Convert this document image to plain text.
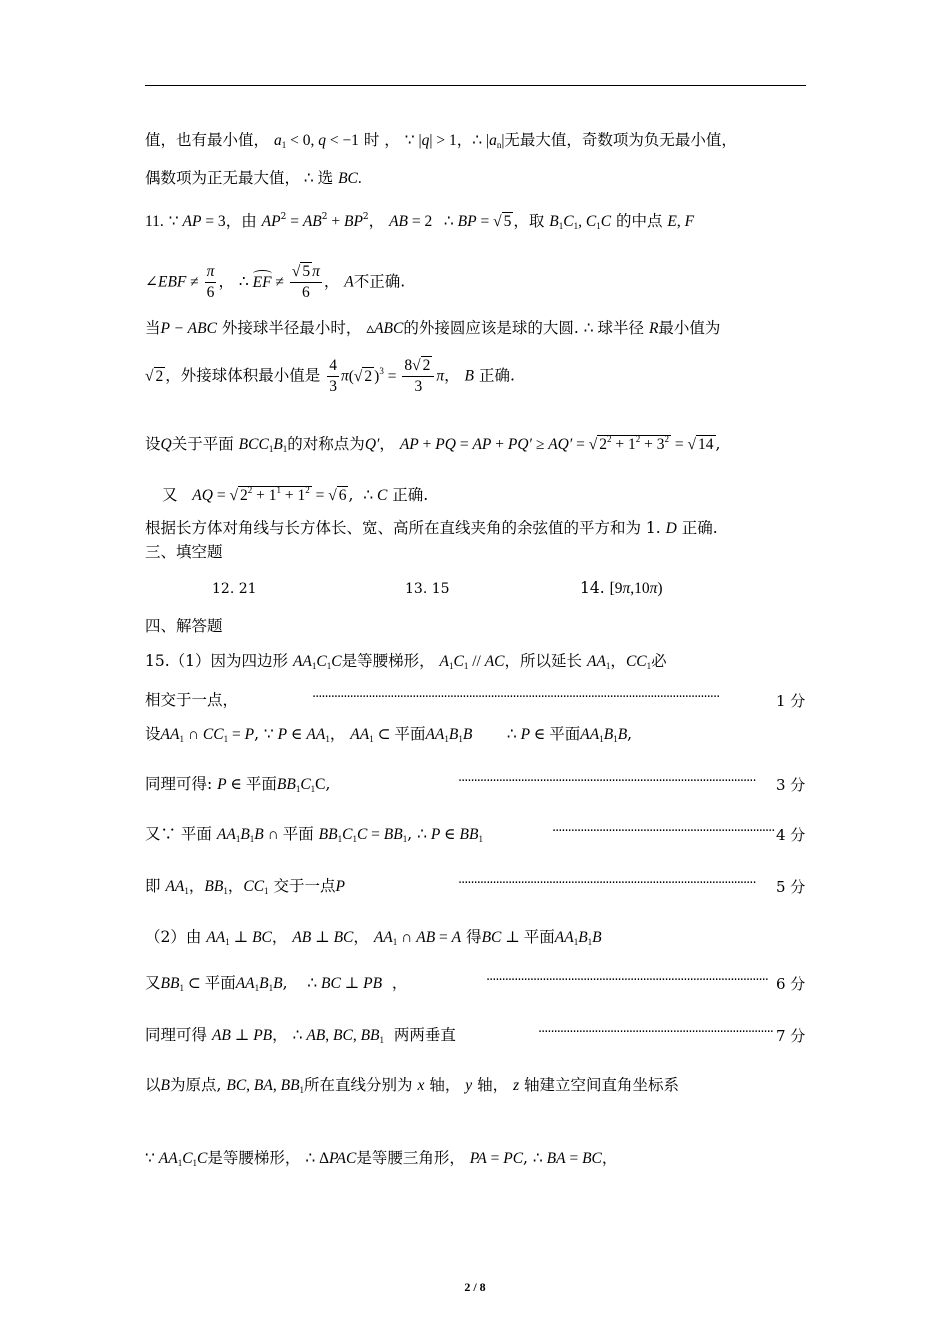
值，也有最小值， $a_1 < 0$, q < −1 时 ， ∵ |q| > 1，∴ $|a_n|$无最大值，奇数项为负无最小值，
偶数项为正无最大值， ∴ 选 BC.
11. ∵ AP = 3，由 $AP^2 = AB^2 + BP^2$， AB = 2   ∴ BP = √ 5 ，取 $B_1C_1$, $C_1C$ 的中点 E, F
∠EBF ≠ $\frac{\pi}{6}$ ， ∴ EF ≠ $\frac{√ 5 \pi}{6}$ ， A不正确.
当P − ABC 外接球半径最小时， ▵ABC的外接圆应该是球的大圆. ∴ 球半径 R最小值为
√ 2 ，外接球体积最小值是 $\frac{4}{3} \pi(√$ 2 )$^3 = \frac{8√ 2}{3}$ π， B 正确.
设Q关于平面 $BCC_1B_1$的对称点为Q′， AP + PQ = AP + PQ′ ≥ AQ′ = √ $2^2 + 1^2 + 3^2$ = √ 14 ,
又 AQ = √ $2^2 + 1^1 + 1^2$ = √ 6 ,  ∴ C 正确.
根据长方体对角线与长方体长、宽、高所在直线夹角的余弦值的平方和为 1. D 正确.
三、填空题
12. 21	13. 15	14. [9π,10π)
四、解答题
15.（1）因为四边形 $AA_1C_1C$是等腰梯形， $A_1C_1$ // AC，所以延长 $AA_1$，$CC_1$必
相交于一点，	··································································································································	1 分
设$AA_1$ ∩ $CC_1 = P$, ∵ P ∈ $AA_1$， $AA_1$ ⊂ 平面$AA_1B_1B$ ∴ P ∈ 平面$AA_1B_1B$,
同理可得: P ∈ 平面$BB_1C_1C$,	·······························································································	3 分
又∵ 平面 $AA_1B_1B$ ∩ 平面 $BB_1C_1C = BB_1$, ∴ P ∈ $BB_1$	······································································· 4 分
即 $AA_1$，$BB_1$，$CC_1$ 交于一点P	·······························································································	5 分
（2）由 $AA_1$ ⊥ BC， AB ⊥ BC， $AA_1$ ∩ AB = A 得BC ⊥ 平面$AA_1B_1B$
又$BB_1$ ⊂ 平面$AA_1B_1B$,    ∴ BC ⊥ PB  ，	·························································································· 6 分
同理可得 AB ⊥ PB， ∴ AB, BC, $BB_1$ 两两垂直	··········································································· 7 分
以B为原点, BC, BA, $BB_1$所在直线分别为 x 轴， y 轴， z 轴建立空间直角坐标系
∵ $AA_1C_1C$是等腰梯形， ∴ ΔPAC是等腰三角形， PA = PC, ∴ BA = BC，
2 / 8
